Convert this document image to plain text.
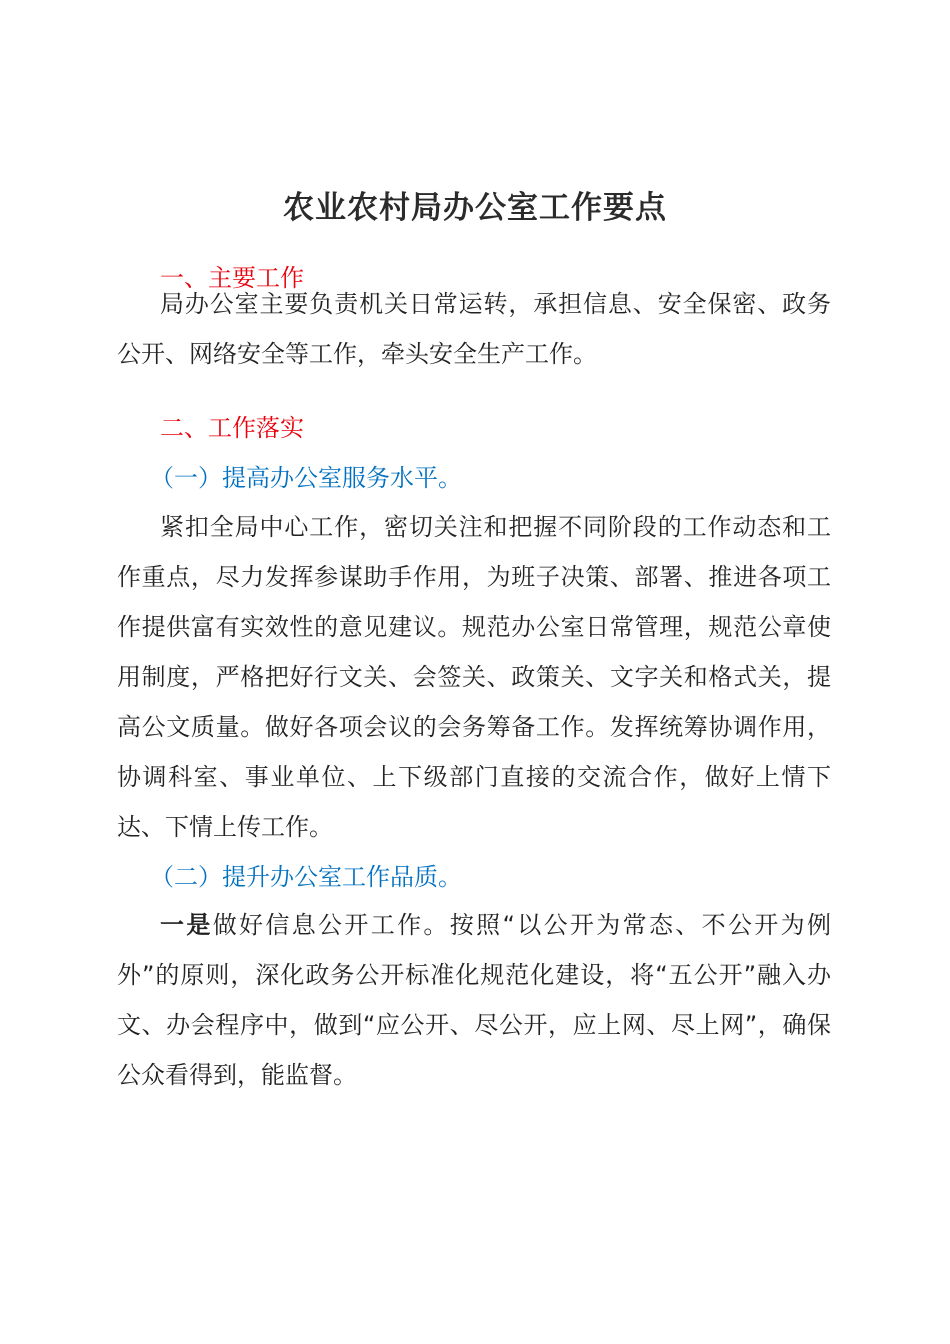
农业农村局办公室工作要点
一、主要工作

局办公室主要负责机关日常运转，承担信息、安全保密、政务公开、网络安全等工作，牵头安全生产工作。

二、工作落实
（一）提高办公室服务水平。

紧扣全局中心工作，密切关注和把握不同阶段的工作动态和工作重点，尽力发挥参谋助手作用，为班子决策、部署、推进各项工作提供富有实效性的意见建议。规范办公室日常管理，规范公章使用制度，严格把好行文关、会签关、政策关、文字关和格式关，提高公文质量。做好各项会议的会务筹备工作。发挥统筹协调作用，协调科室、事业单位、上下级部门直接的交流合作，做好上情下达、下情上传工作。

（二）提升办公室工作品质。

一是做好信息公开工作。按照“以公开为常态、不公开为例外”的原则，深化政务公开标准化规范化建设，将“五公开”融入办文、办会程序中，做到“应公开、尽公开，应上网、尽上网”，确保公众看得到，能监督。
